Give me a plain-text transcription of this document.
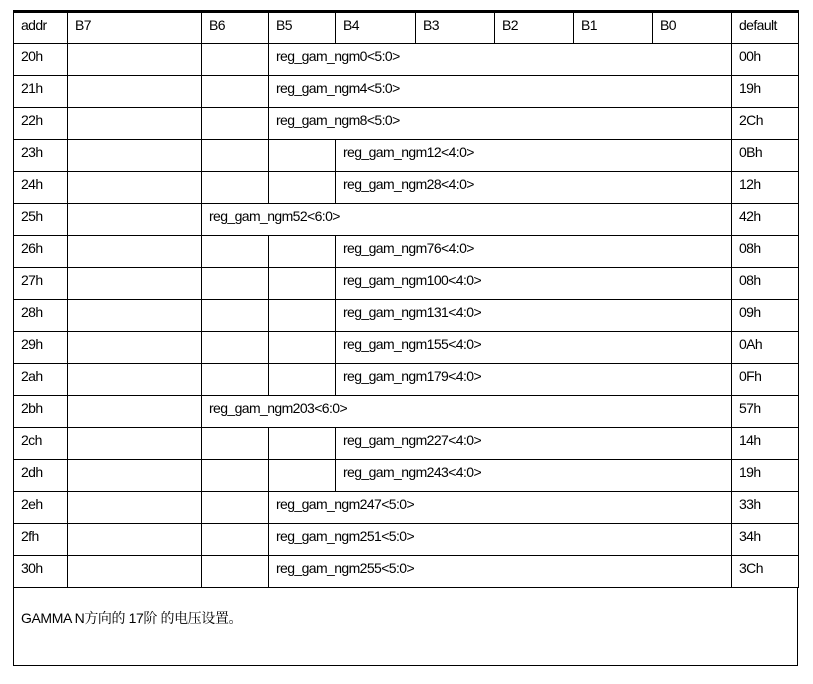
addr	B7	B6	B5	B4	B3	B2	B1	B0	default
20h			reg_gam_ngm0<5:0>						00h
21h			reg_gam_ngm4<5:0>						19h
22h			reg_gam_ngm8<5:0>						2Ch
23h				reg_gam_ngm12<4:0>					0Bh
24h				reg_gam_ngm28<4:0>					12h
25h		reg_gam_ngm52<6:0>							42h
26h				reg_gam_ngm76<4:0>					08h
27h				reg_gam_ngm100<4:0>					08h
28h				reg_gam_ngm131<4:0>					09h
29h				reg_gam_ngm155<4:0>					0Ah
2ah				reg_gam_ngm179<4:0>					0Fh
2bh		reg_gam_ngm203<6:0>							57h
2ch				reg_gam_ngm227<4:0>					14h
2dh				reg_gam_ngm243<4:0>					19h
2eh			reg_gam_ngm247<5:0>						33h
2fh			reg_gam_ngm251<5:0>						34h
30h			reg_gam_ngm255<5:0>						3Ch
GAMMA N方向的 17阶 的电压设置。
